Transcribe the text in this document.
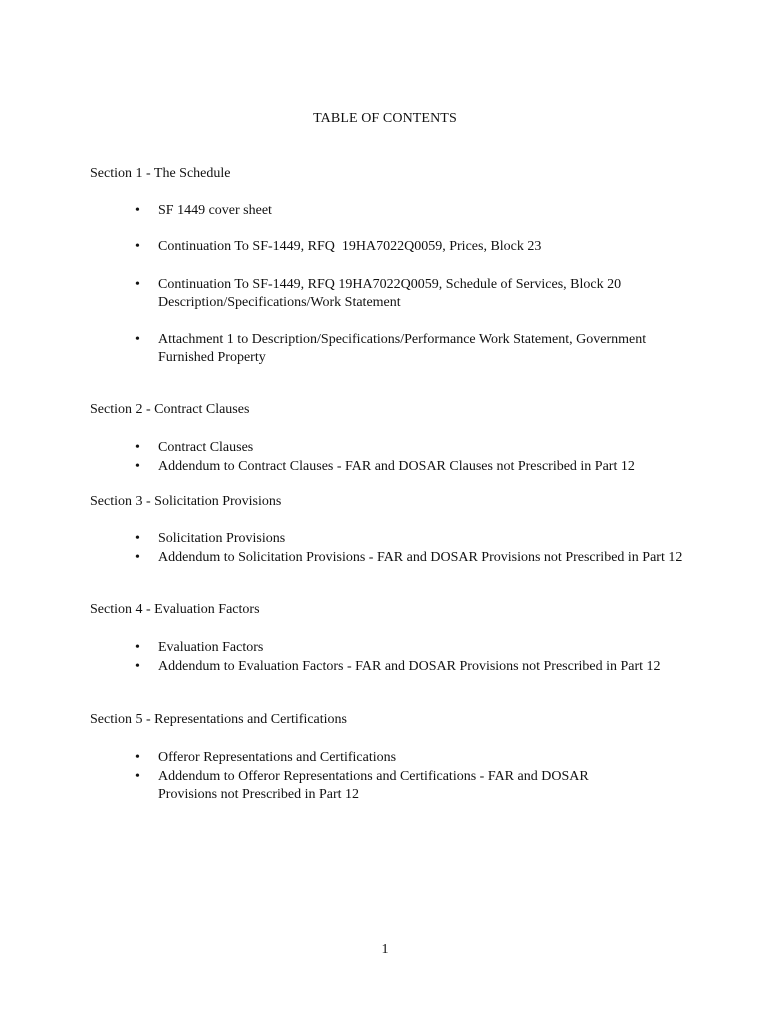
TABLE OF CONTENTS
Section 1 - The Schedule
• SF 1449 cover sheet
• Continuation To SF-1449, RFQ  19HA7022Q0059, Prices, Block 23
• Continuation To SF-1449, RFQ 19HA7022Q0059, Schedule of Services, Block 20 Description/Specifications/Work Statement
• Attachment 1 to Description/Specifications/Performance Work Statement, Government Furnished Property
Section 2 - Contract Clauses
• Contract Clauses
• Addendum to Contract Clauses - FAR and DOSAR Clauses not Prescribed in Part 12
Section 3 - Solicitation Provisions
• Solicitation Provisions
• Addendum to Solicitation Provisions - FAR and DOSAR Provisions not Prescribed in Part 12
Section 4 - Evaluation Factors
• Evaluation Factors
• Addendum to Evaluation Factors - FAR and DOSAR Provisions not Prescribed in Part 12
Section 5 - Representations and Certifications
• Offeror Representations and Certifications
• Addendum to Offeror Representations and Certifications - FAR and DOSAR Provisions not Prescribed in Part 12
1
